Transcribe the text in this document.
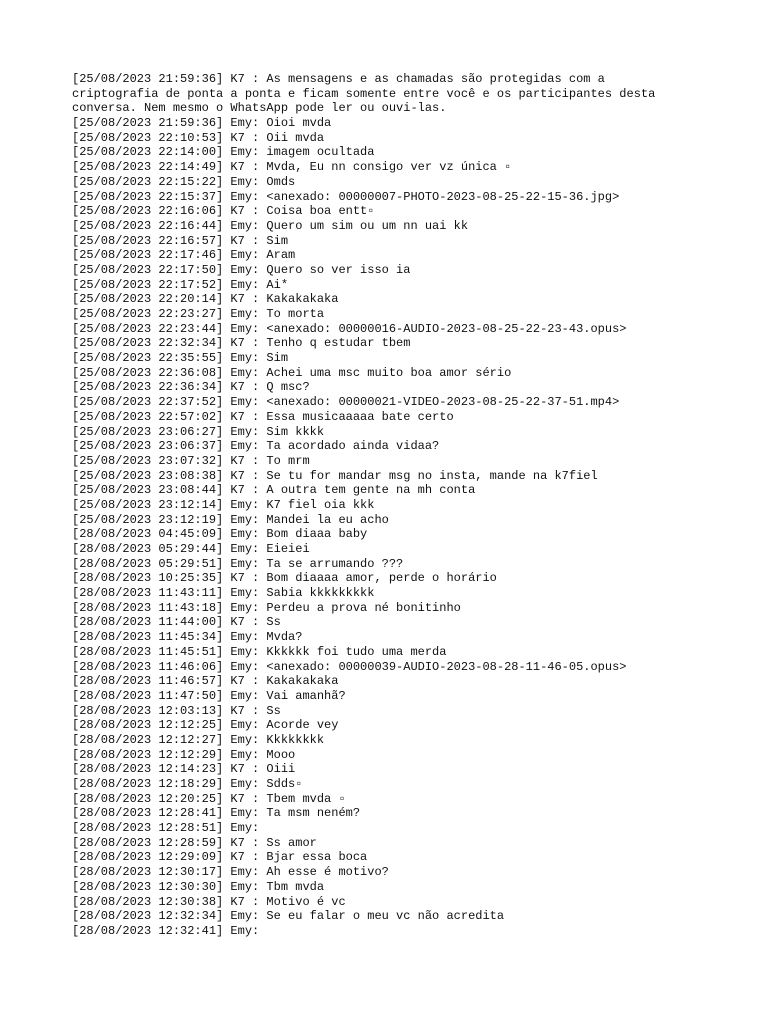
[25/08/2023 21:59:36] K7 : As mensagens e as chamadas são protegidas com a
criptografia de ponta a ponta e ficam somente entre você e os participantes desta
conversa. Nem mesmo o WhatsApp pode ler ou ouvi-las.
[25/08/2023 21:59:36] Emy: Oioi mvda
[25/08/2023 22:10:53] K7 : Oii mvda
[25/08/2023 22:14:00] Emy: imagem ocultada
[25/08/2023 22:14:49] K7 : Mvda, Eu nn consigo ver vz única ▫
[25/08/2023 22:15:22] Emy: Omds
[25/08/2023 22:15:37] Emy: <anexado: 00000007-PHOTO-2023-08-25-22-15-36.jpg>
[25/08/2023 22:16:06] K7 : Coisa boa entt▫
[25/08/2023 22:16:44] Emy: Quero um sim ou um nn uai kk
[25/08/2023 22:16:57] K7 : Sim
[25/08/2023 22:17:46] Emy: Aram
[25/08/2023 22:17:50] Emy: Quero so ver isso ia
[25/08/2023 22:17:52] Emy: Ai*
[25/08/2023 22:20:14] K7 : Kakakakaka
[25/08/2023 22:23:27] Emy: To morta
[25/08/2023 22:23:44] Emy: <anexado: 00000016-AUDIO-2023-08-25-22-23-43.opus>
[25/08/2023 22:32:34] K7 : Tenho q estudar tbem
[25/08/2023 22:35:55] Emy: Sim
[25/08/2023 22:36:08] Emy: Achei uma msc muito boa amor sério
[25/08/2023 22:36:34] K7 : Q msc?
[25/08/2023 22:37:52] Emy: <anexado: 00000021-VIDEO-2023-08-25-22-37-51.mp4>
[25/08/2023 22:57:02] K7 : Essa musicaaaaa bate certo
[25/08/2023 23:06:27] Emy: Sim kkkk
[25/08/2023 23:06:37] Emy: Ta acordado ainda vidaa?
[25/08/2023 23:07:32] K7 : To mrm
[25/08/2023 23:08:38] K7 : Se tu for mandar msg no insta, mande na k7fiel
[25/08/2023 23:08:44] K7 : A outra tem gente na mh conta
[25/08/2023 23:12:14] Emy: K7 fiel oia kkk
[25/08/2023 23:12:19] Emy: Mandei la eu acho
[28/08/2023 04:45:09] Emy: Bom diaaa baby
[28/08/2023 05:29:44] Emy: Eieiei
[28/08/2023 05:29:51] Emy: Ta se arrumando ???
[28/08/2023 10:25:35] K7 : Bom diaaaa amor, perde o horário
[28/08/2023 11:43:11] Emy: Sabia kkkkkkkkk
[28/08/2023 11:43:18] Emy: Perdeu a prova né bonitinho
[28/08/2023 11:44:00] K7 : Ss
[28/08/2023 11:45:34] Emy: Mvda?
[28/08/2023 11:45:51] Emy: Kkkkkk foi tudo uma merda
[28/08/2023 11:46:06] Emy: <anexado: 00000039-AUDIO-2023-08-28-11-46-05.opus>
[28/08/2023 11:46:57] K7 : Kakakakaka
[28/08/2023 11:47:50] Emy: Vai amanhã?
[28/08/2023 12:03:13] K7 : Ss
[28/08/2023 12:12:25] Emy: Acorde vey
[28/08/2023 12:12:27] Emy: Kkkkkkkk
[28/08/2023 12:12:29] Emy: Mooo
[28/08/2023 12:14:23] K7 : Oiii
[28/08/2023 12:18:29] Emy: Sdds▫
[28/08/2023 12:20:25] K7 : Tbem mvda ▫
[28/08/2023 12:28:41] Emy: Ta msm neném?
[28/08/2023 12:28:51] Emy:
[28/08/2023 12:28:59] K7 : Ss amor
[28/08/2023 12:29:09] K7 : Bjar essa boca
[28/08/2023 12:30:17] Emy: Ah esse é motivo?
[28/08/2023 12:30:30] Emy: Tbm mvda
[28/08/2023 12:30:38] K7 : Motivo é vc
[28/08/2023 12:32:34] Emy: Se eu falar o meu vc não acredita
[28/08/2023 12:32:41] Emy:
